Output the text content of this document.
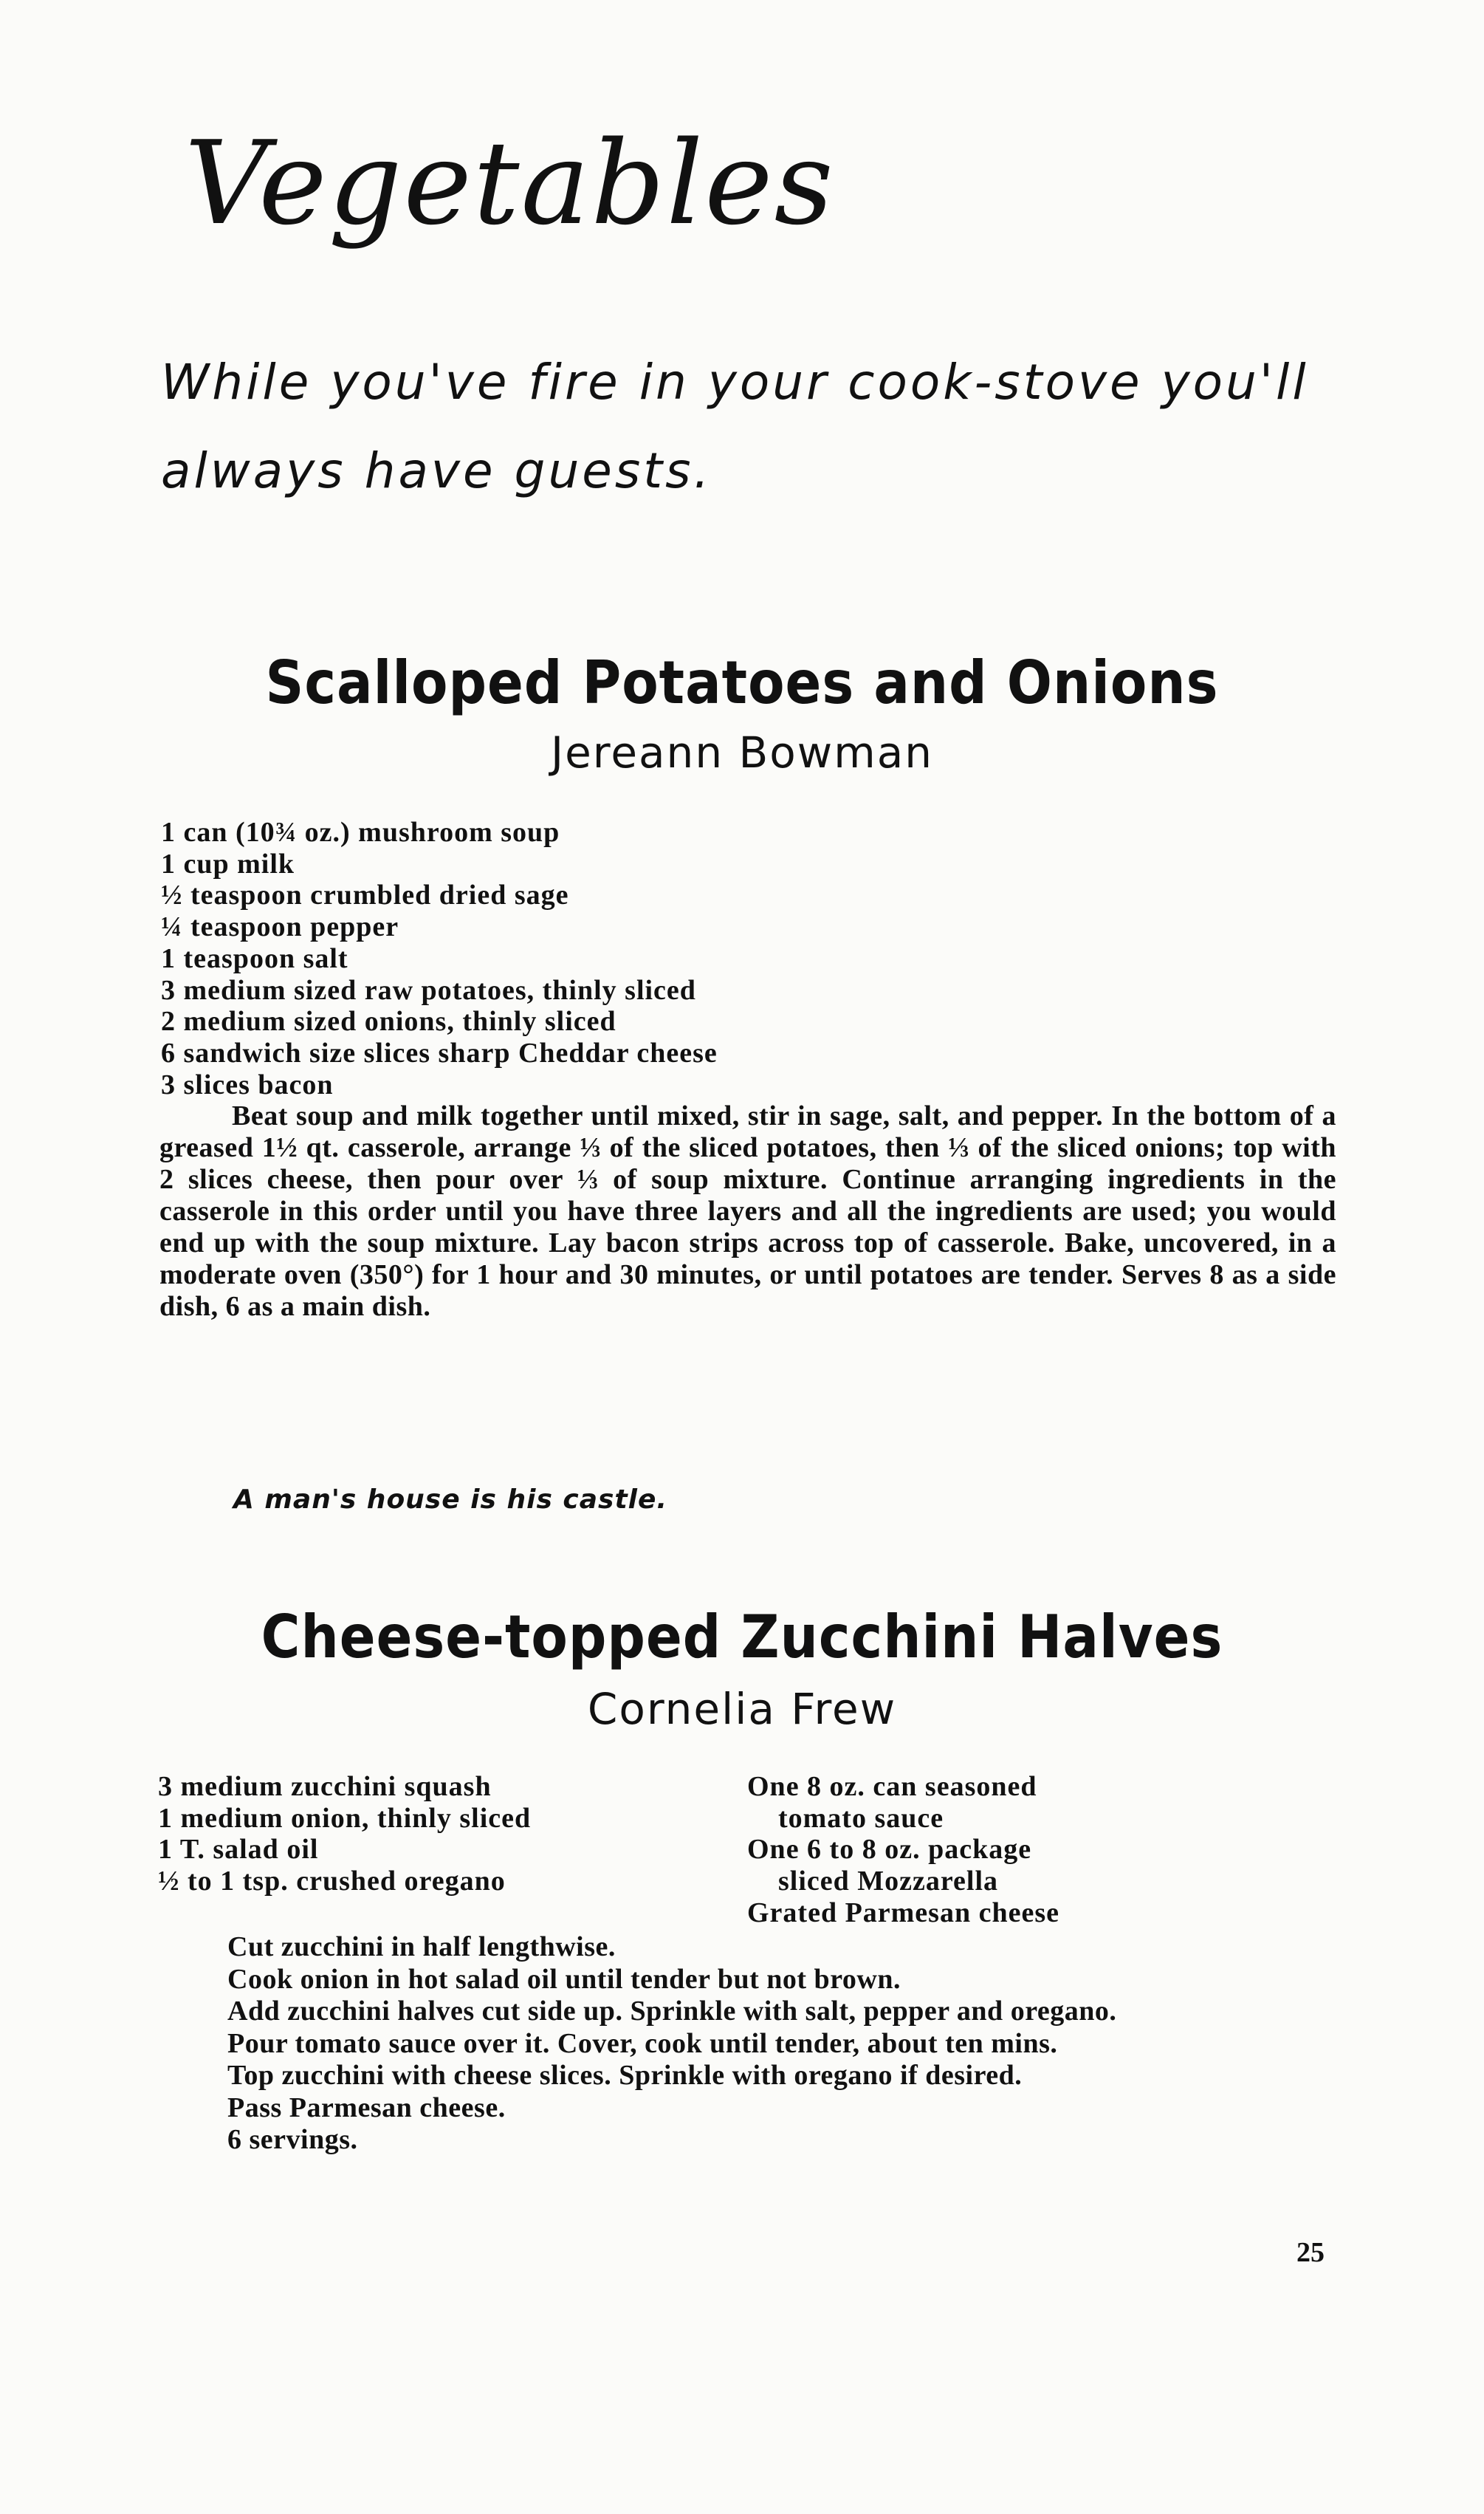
Vegetables
While you've fire in your cook-stove you'll
always have guests.
Scalloped Potatoes and Onions
Jereann Bowman
1 can (10¾ oz.) mushroom soup
1 cup milk
½ teaspoon crumbled dried sage
¼ teaspoon pepper
1 teaspoon salt
3 medium sized raw potatoes, thinly sliced
2 medium sized onions, thinly sliced
6 sandwich size slices sharp Cheddar cheese
3 slices bacon
Beat soup and milk together until mixed, stir in sage, salt, and pepper. In the bottom of a greased 1½ qt. casserole, arrange ⅓ of the sliced potatoes, then ⅓ of the sliced onions; top with 2 slices cheese, then pour over ⅓ of soup mixture. Continue arranging ingredients in the casserole in this order until you have three layers and all the ingredients are used; you would end up with the soup mixture. Lay bacon strips across top of casserole. Bake, uncovered, in a moderate oven (350°) for 1 hour and 30 minutes, or until potatoes are tender. Serves 8 as a side dish, 6 as a main dish.
A man's house is his castle.
Cheese-topped Zucchini Halves
Cornelia Frew
3 medium zucchini squash
1 medium onion, thinly sliced
1 T. salad oil
½ to 1 tsp. crushed oregano
One 8 oz. can seasoned
tomato sauce
One 6 to 8 oz. package
sliced Mozzarella
Grated Parmesan cheese
Cut zucchini in half lengthwise.
Cook onion in hot salad oil until tender but not brown.
Add zucchini halves cut side up. Sprinkle with salt, pepper and oregano.
Pour tomato sauce over it. Cover, cook until tender, about ten mins.
Top zucchini with cheese slices. Sprinkle with oregano if desired.
Pass Parmesan cheese.
6 servings.
25
